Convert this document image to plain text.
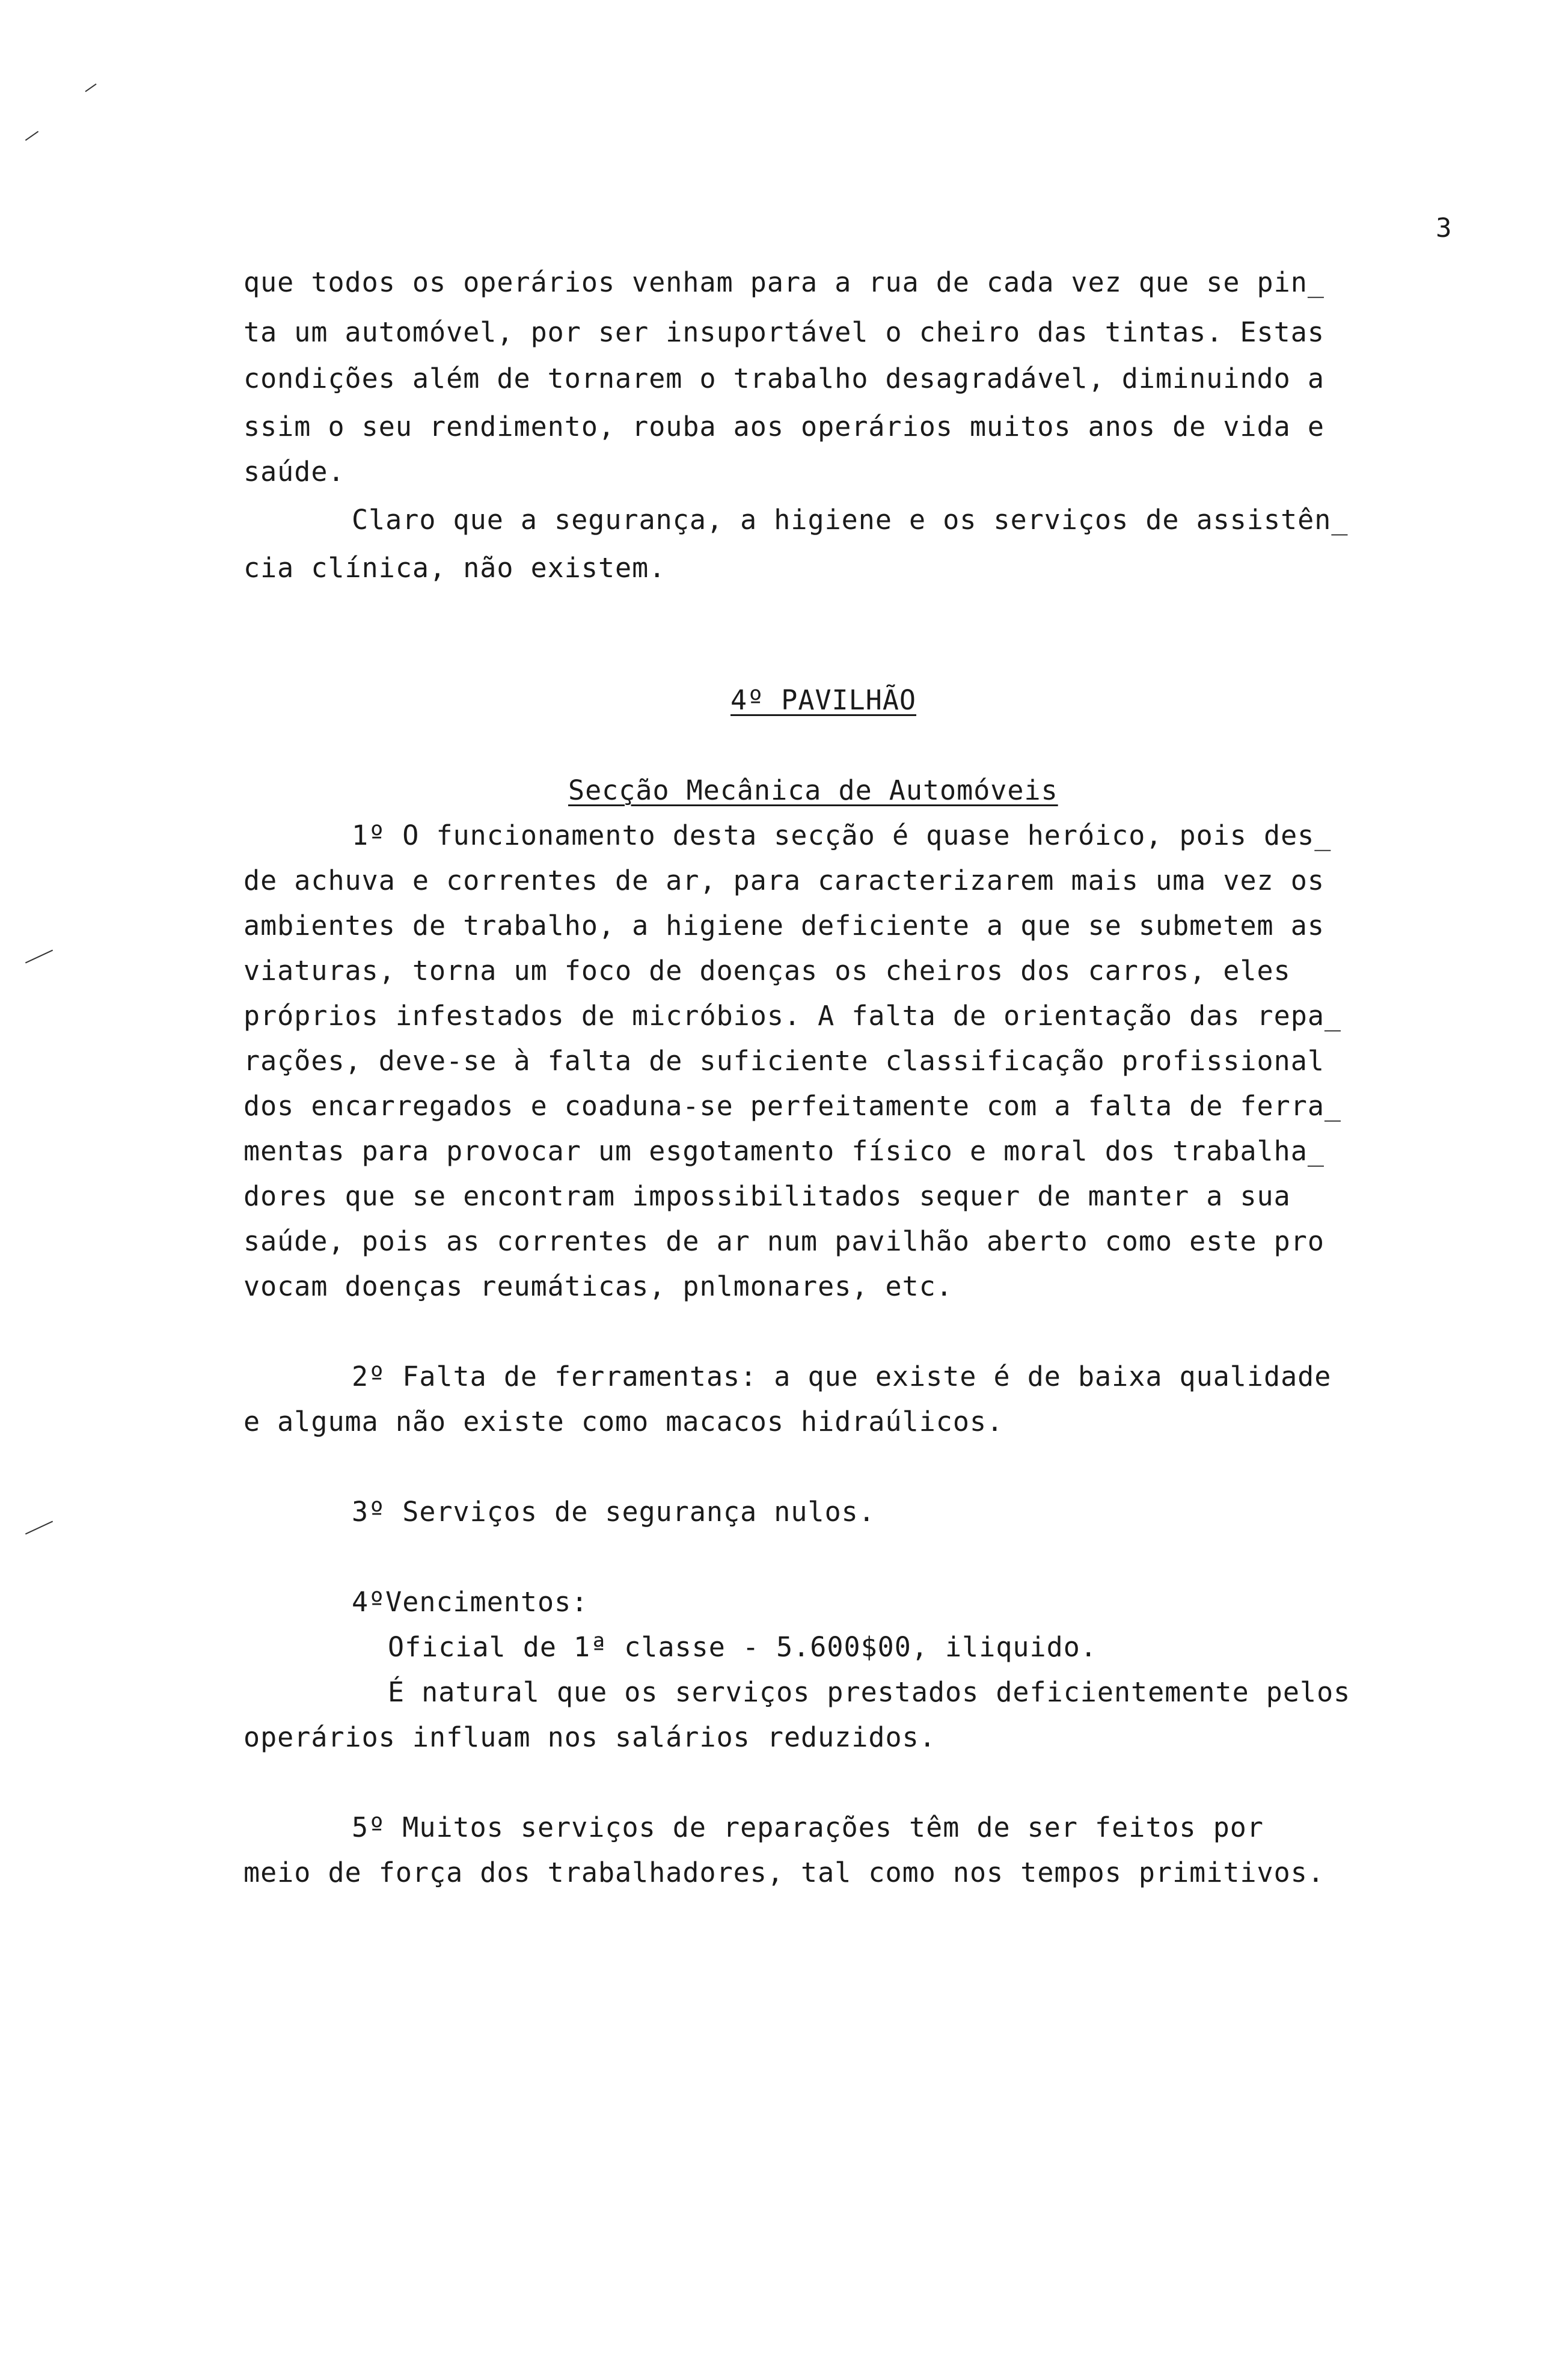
3

que todos os operários venham para a rua de cada vez que se pin_

ta um automóvel, por ser insuportável o cheiro das tintas. Estas

condições além de tornarem o trabalho desagradável, diminuindo a

ssim o seu rendimento, rouba aos operários muitos anos de vida e

saúde.

Claro que a segurança, a higiene e os serviços de assistên_

cia clínica, não existem.

4º PAVILHÃO

Secção Mecânica de Automóveis

1º O funcionamento desta secção é quase heróico, pois des_

de achuva e correntes de ar, para caracterizarem mais uma vez os

ambientes de trabalho, a higiene deficiente a que se submetem as

viaturas, torna um foco de doenças os cheiros dos carros, eles

próprios infestados de micróbios. A falta de orientação das repa_

rações, deve-se à falta de suficiente classificação profissional

dos encarregados e coaduna-se perfeitamente com a falta de ferra_

mentas para provocar um esgotamento físico e moral dos trabalha_

dores que se encontram impossibilitados sequer de manter a sua

saúde, pois as correntes de ar num pavilhão aberto como este pro

vocam doenças reumáticas, pnlmonares, etc.

2º Falta de ferramentas: a que existe é de baixa qualidade

e alguma não existe como macacos hidraúlicos.

3º Serviços de segurança nulos.

4ºVencimentos:

Oficial de 1ª classe - 5.600$00, iliquido.

É natural que os serviços prestados deficientemente pelos

operários influam nos salários reduzidos.

5º Muitos serviços de reparações têm de ser feitos por

meio de força dos trabalhadores, tal como nos tempos primitivos.
